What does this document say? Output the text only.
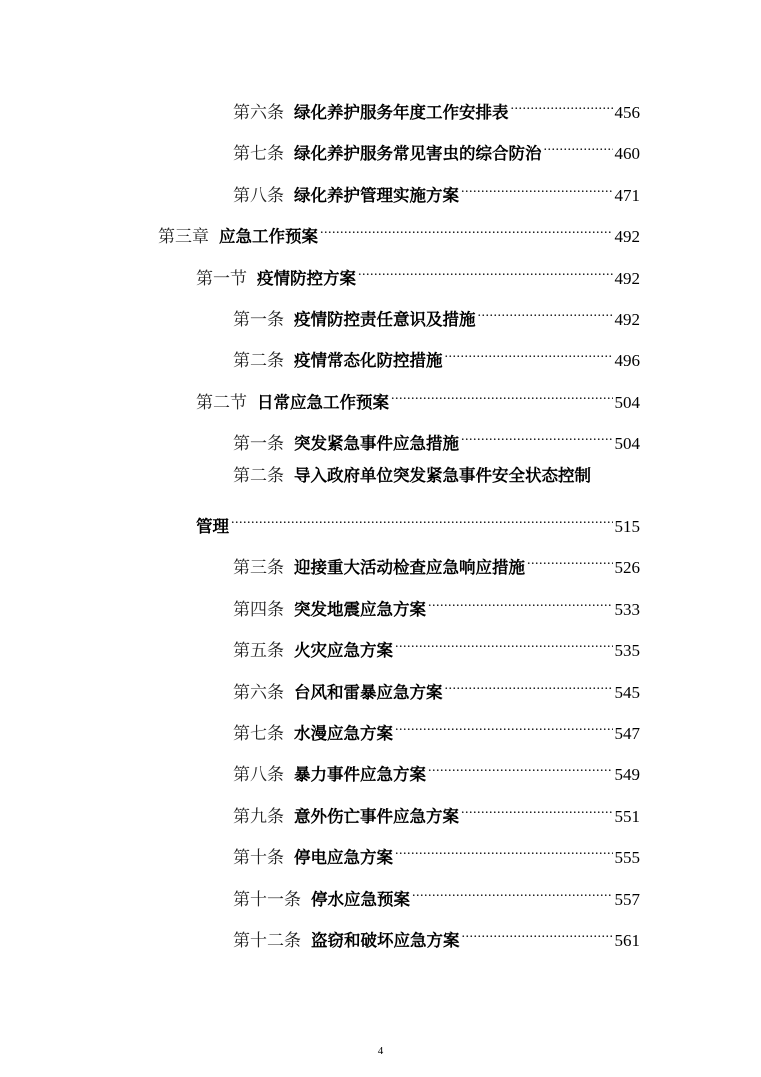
第六条 绿化养护服务年度工作安排表 .....	456
第七条 绿化养护服务常见害虫的综合防治 .....	460
第八条 绿化养护管理实施方案 .....	471
第三章 应急工作预案 .....	492
第一节 疫情防控方案 .....	492
第一条 疫情防控责任意识及措施 .....	492
第二条 疫情常态化防控措施 .....	496
第二节 日常应急工作预案 .....	504
第一条 突发紧急事件应急措施 .....	504
第二条 导入政府单位突发紧急事件安全状态控制
管理 .....	515
第三条 迎接重大活动检查应急响应措施 .....	526
第四条 突发地震应急方案 .....	533
第五条 火灾应急方案 .....	535
第六条 台风和雷暴应急方案 .....	545
第七条 水漫应急方案 .....	547
第八条 暴力事件应急方案 .....	549
第九条 意外伤亡事件应急方案 .....	551
第十条 停电应急方案 .....	555
第十一条 停水应急预案 .....	557
第十二条 盗窃和破坏应急方案 .....	561
4
